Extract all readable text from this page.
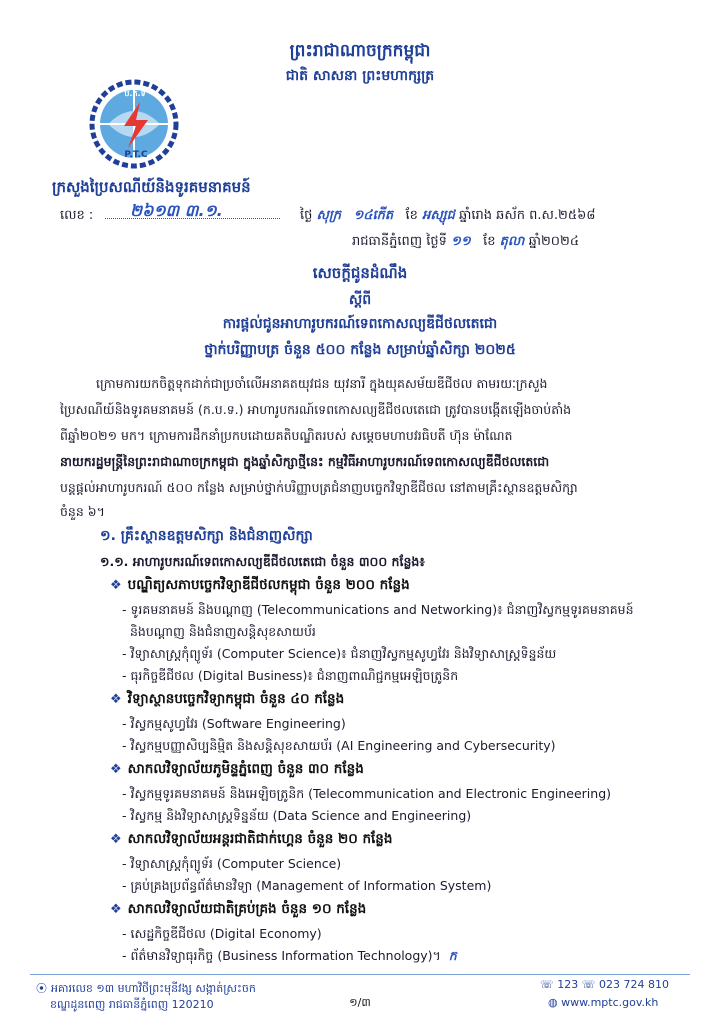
ព្រះរាជាណាចក្រកម្ពុជា
ជាតិ សាសនា ព្រះមហាក្សត្រ
ប.ត.ទ
P.T.C
ក្រសួងប្រៃសណីយ៍និងទូរគមនាគមន៍
លេខ : ២៦១៣ ៣.១.	ថ្ងៃ សុក្រ ១៤កើត ខែ អស្សុជ ឆ្នាំរោង ឆស័ក ព.ស.២៥៦៨
រាជធានីភ្នំពេញ ថ្ងៃទី ១១ ខែ តុលា ឆ្នាំ២០២៤
សេចក្តីជូនដំណឹង
ស្តីពី
ការផ្តល់ជូនអាហារូបករណ៍ទេពកោសល្យឌីជីថលតេជោ
ថ្នាក់បរិញ្ញាបត្រ ចំនួន ៥០០ កន្លែង សម្រាប់ឆ្នាំសិក្សា ២០២៥
ក្រោមការយកចិត្តទុកដាក់ជាប្រចាំលើអនាគតយុវជន យុវនារី ក្នុងយុគសម័យឌីជីថល តាមរយៈក្រសួង
ប្រៃសណីយ៍និងទូរគមនាគមន៍ (ក.ប.ទ.) អាហារូបករណ៍ទេពកោសល្យឌីជីថលតេជោ ត្រូវបានបង្កើតឡើងចាប់តាំង
ពីឆ្នាំ២០២១ មក។ ក្រោមការដឹកនាំប្រកបដោយគតិបណ្ឌិតរបស់ សម្តេចមហាបវរធិបតី ហ៊ុន ម៉ាណែត
នាយករដ្ឋមន្ត្រីនៃព្រះរាជាណាចក្រកម្ពុជា ក្នុងឆ្នាំសិក្សាថ្មីនេះ កម្មវិធីអាហារូបករណ៍ទេពកោសល្យឌីជីថលតេជោ
បន្តផ្តល់អាហារូបករណ៍ ៥០០ កន្លែង សម្រាប់ថ្នាក់បរិញ្ញាបត្រជំនាញបច្ចេកវិទ្យាឌីជីថល នៅតាមគ្រឹះស្ថានឧត្តមសិក្សា
ចំនួន ៦។
១. គ្រឹះស្ថានឧត្តមសិក្សា និងជំនាញសិក្សា
១.១. អាហារូបករណ៍ទេពកោសល្យឌីជីថលតេជោ ចំនួន ៣០០ កន្លែង៖
❖ បណ្ឌិត្យសភាបច្ចេកវិទ្យាឌីជីថលកម្ពុជា ចំនួន ២០០ កន្លែង
- ទូរគមនាគមន៍ និងបណ្តាញ (Telecommunications and Networking)៖ ជំនាញវិស្វកម្មទូរគមនាគមន៍
និងបណ្តាញ និងជំនាញសន្តិសុខសាយប័រ
- វិទ្យាសាស្ត្រកុំព្យូទ័រ (Computer Science)៖ ជំនាញវិស្វកម្មសូហ្វវែរ និងវិទ្យាសាស្ត្រទិន្នន័យ
- ធុរកិច្ចឌីជីថល (Digital Business)៖ ជំនាញពាណិជ្ជកម្មអេឡិចត្រូនិក
❖ វិទ្យាស្ថានបច្ចេកវិទ្យាកម្ពុជា ចំនួន ៤០ កន្លែង
- វិស្វកម្មសូហ្វវែរ (Software Engineering)
- វិស្វកម្មបញ្ញាសិប្បនិម្មិត និងសន្តិសុខសាយប័រ (AI Engineering and Cybersecurity)
❖ សាកលវិទ្យាល័យភូមិន្ទភ្នំពេញ ចំនួន ៣០ កន្លែង
- វិស្វកម្មទូរគមនាគមន៍ និងអេឡិចត្រូនិក (Telecommunication and Electronic Engineering)
- វិស្វកម្ម និងវិទ្យាសាស្ត្រទិន្នន័យ (Data Science and Engineering)
❖ សាកលវិទ្យាល័យអន្តរជាតិជាក់ហ្គេន ចំនួន ២០ កន្លែង
- វិទ្យាសាស្ត្រកុំព្យូទ័រ (Computer Science)
- គ្រប់គ្រងប្រព័ន្ធព័ត៌មានវិទ្យា (Management of Information System)
❖ សាកលវិទ្យាល័យជាតិគ្រប់គ្រង ចំនួន ១០ កន្លែង
- សេដ្ឋកិច្ចឌីជីថល (Digital Economy)
- ព័ត៌មានវិទ្យាធុរកិច្ច (Business Information Technology)។ ក
⦿ អគារលេខ ១៣ មហាវិថីព្រះមុនីវង្ស សង្កាត់ស្រះចក
ខណ្ឌដូនពេញ រាជធានីភ្នំពេញ 120210	១/៣
☏ 123 ☏ 023 724 810
◍ www.mptc.gov.kh
